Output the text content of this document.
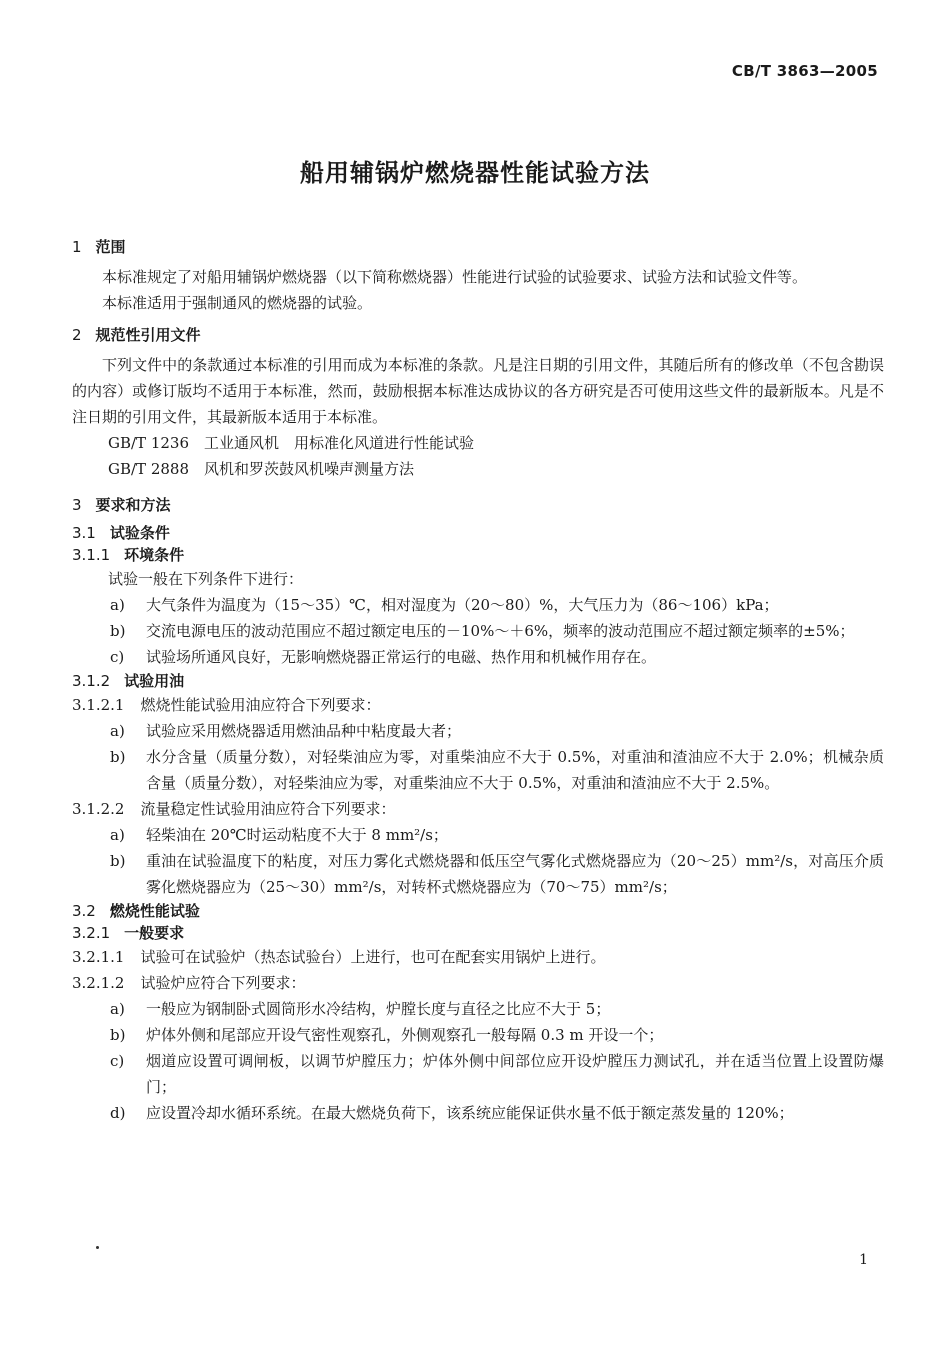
CB/T 3863—2005
船用辅锅炉燃烧器性能试验方法
1 范围
本标准规定了对船用辅锅炉燃烧器（以下简称燃烧器）性能进行试验的试验要求、试验方法和试验文件等。
本标准适用于强制通风的燃烧器的试验。
2 规范性引用文件
下列文件中的条款通过本标准的引用而成为本标准的条款。凡是注日期的引用文件，其随后所有的修改单（不包含勘误的内容）或修订版均不适用于本标准，然而，鼓励根据本标准达成协议的各方研究是否可使用这些文件的最新版本。凡是不注日期的引用文件，其最新版本适用于本标准。
GB/T 1236　工业通风机　用标准化风道进行性能试验
GB/T 2888　风机和罗茨鼓风机噪声测量方法
3 要求和方法
3.1 试验条件
3.1.1 环境条件
试验一般在下列条件下进行：
a)	大气条件为温度为（15～35）℃，相对湿度为（20～80）%，大气压力为（86～106）kPa；
b)	交流电源电压的波动范围应不超过额定电压的－10%～＋6%，频率的波动范围应不超过额定频率的±5%；
c)	试验场所通风良好，无影响燃烧器正常运行的电磁、热作用和机械作用存在。
3.1.2 试验用油
3.1.2.1 燃烧性能试验用油应符合下列要求：
a)	试验应采用燃烧器适用燃油品种中粘度最大者；
b)	水分含量（质量分数），对轻柴油应为零，对重柴油应不大于 0.5%，对重油和渣油应不大于 2.0%；机械杂质含量（质量分数），对轻柴油应为零，对重柴油应不大于 0.5%，对重油和渣油应不大于 2.5%。
3.1.2.2 流量稳定性试验用油应符合下列要求：
a)	轻柴油在 20℃时运动粘度不大于 8 mm²/s；
b)	重油在试验温度下的粘度，对压力雾化式燃烧器和低压空气雾化式燃烧器应为（20～25）mm²/s，对高压介质雾化燃烧器应为（25～30）mm²/s，对转杯式燃烧器应为（70～75）mm²/s；
3.2 燃烧性能试验
3.2.1 一般要求
3.2.1.1 试验可在试验炉（热态试验台）上进行，也可在配套实用锅炉上进行。
3.2.1.2 试验炉应符合下列要求：
a)	一般应为钢制卧式圆筒形水冷结构，炉膛长度与直径之比应不大于 5；
b)	炉体外侧和尾部应开设气密性观察孔，外侧观察孔一般每隔 0.3 m 开设一个；
c)	烟道应设置可调闸板，以调节炉膛压力；炉体外侧中间部位应开设炉膛压力测试孔，并在适当位置上设置防爆门；
d)	应设置冷却水循环系统。在最大燃烧负荷下，该系统应能保证供水量不低于额定蒸发量的 120%；
1
